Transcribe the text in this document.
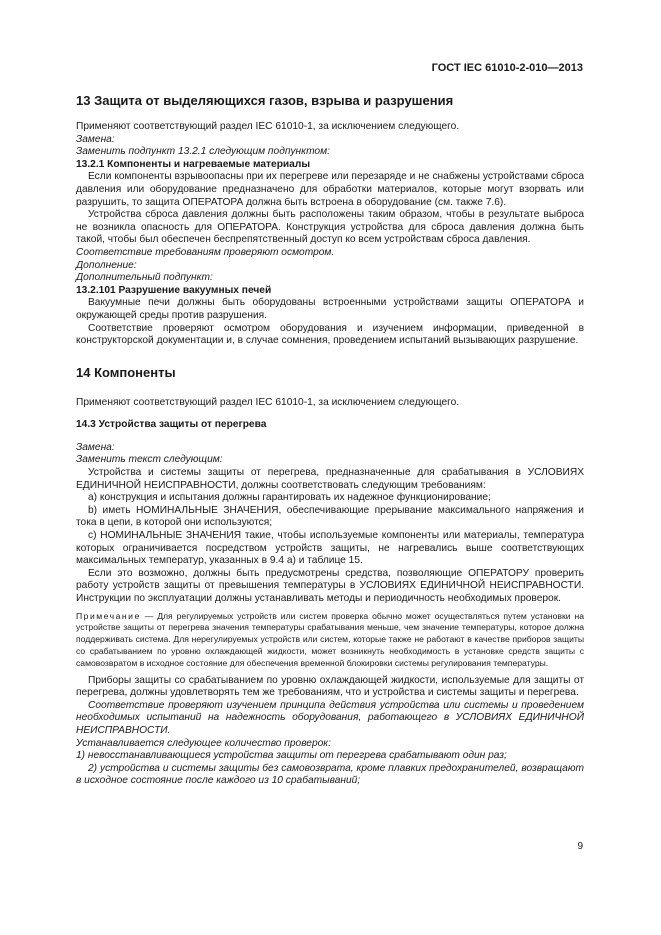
ГОСТ IEC 61010-2-010—2013
13 Защита от выделяющихся газов, взрыва и разрушения

Применяют соответствующий раздел IEC 61010-1, за исключением следующего.

Замена:

Заменить подпункт 13.2.1 следующим подпунктом:

13.2.1 Компоненты и нагреваемые материалы

Если компоненты взрывоопасны при их перегреве или перезаряде и не снабжены устройствами сброса давления или оборудование предназначено для обработки материалов, которые могут взорвать или разрушить, то защита ОПЕРАТОРА должна быть встроена в оборудование (см. также 7.6).

Устройства сброса давления должны быть расположены таким образом, чтобы в результате выброса не возникла опасность для ОПЕРАТОРА. Конструкция устройства для сброса давления должна быть такой, чтобы был обеспечен беспрепятственный доступ ко всем устройствам сброса давления.

Соответствие требованиям проверяют осмотром.

Дополнение:

Дополнительный подпункт:

13.2.101 Разрушение вакуумных печей

Вакуумные печи должны быть оборудованы встроенными устройствами защиты ОПЕРАТОРА и окружающей среды против разрушения.

Соответствие проверяют осмотром оборудования и изучением информации, приведенной в конструкторской документации и, в случае сомнения, проведением испытаний вызывающих разрушение.

14 Компоненты

Применяют соответствующий раздел IEC 61010-1, за исключением следующего.

14.3 Устройства защиты от перегрева

Замена:

Заменить текст следующим:

Устройства и системы защиты от перегрева, предназначенные для срабатывания в УСЛОВИЯХ ЕДИНИЧНОЙ НЕИСПРАВНОСТИ, должны соответствовать следующим требованиям:

a) конструкция и испытания должны гарантировать их надежное функционирование;

b) иметь НОМИНАЛЬНЫЕ ЗНАЧЕНИЯ, обеспечивающие прерывание максимального напряжения и тока в цепи, в которой они используются;

c) НОМИНАЛЬНЫЕ ЗНАЧЕНИЯ такие, чтобы используемые компоненты или материалы, температура которых ограничивается посредством устройств защиты, не нагревались выше соответствующих максимальных температур, указанных в 9.4 a) и таблице 15.

Если это возможно, должны быть предусмотрены средства, позволяющие ОПЕРАТОРУ проверить работу устройств защиты от превышения температуры в УСЛОВИЯХ ЕДИНИЧНОЙ НЕИСПРАВНОСТИ. Инструкции по эксплуатации должны устанавливать методы и периодичность необходимых проверок.

Примечание — Для регулируемых устройств или систем проверка обычно может осуществляться путем установки на устройстве защиты от перегрева значения температуры срабатывания меньше, чем значение температуры, которое должна поддерживать система. Для нерегулируемых устройств или систем, которые также не работают в качестве приборов защиты со срабатыванием по уровню охлаждающей жидкости, может возникнуть необходимость в установке средств защиты с самовозвратом в исходное состояние для обеспечения временной блокировки системы регулирования температуры.

Приборы защиты со срабатыванием по уровню охлаждающей жидкости, используемые для защиты от перегрева, должны удовлетворять тем же требованиям, что и устройства и системы защиты и перегрева.

Соответствие проверяют изучением принципа действия устройства или системы и проведением необходимых испытаний на надежность оборудования, работающего в УСЛОВИЯХ ЕДИНИЧНОЙ НЕИСПРАВНОСТИ.

Устанавливается следующее количество проверок:

1) невосстанавливающиеся устройства защиты от перегрева срабатывают один раз;

2) устройства и системы защиты без самовозврата, кроме плавких предохранителей, возвращают в исходное состояние после каждого из 10 срабатываний;

9
